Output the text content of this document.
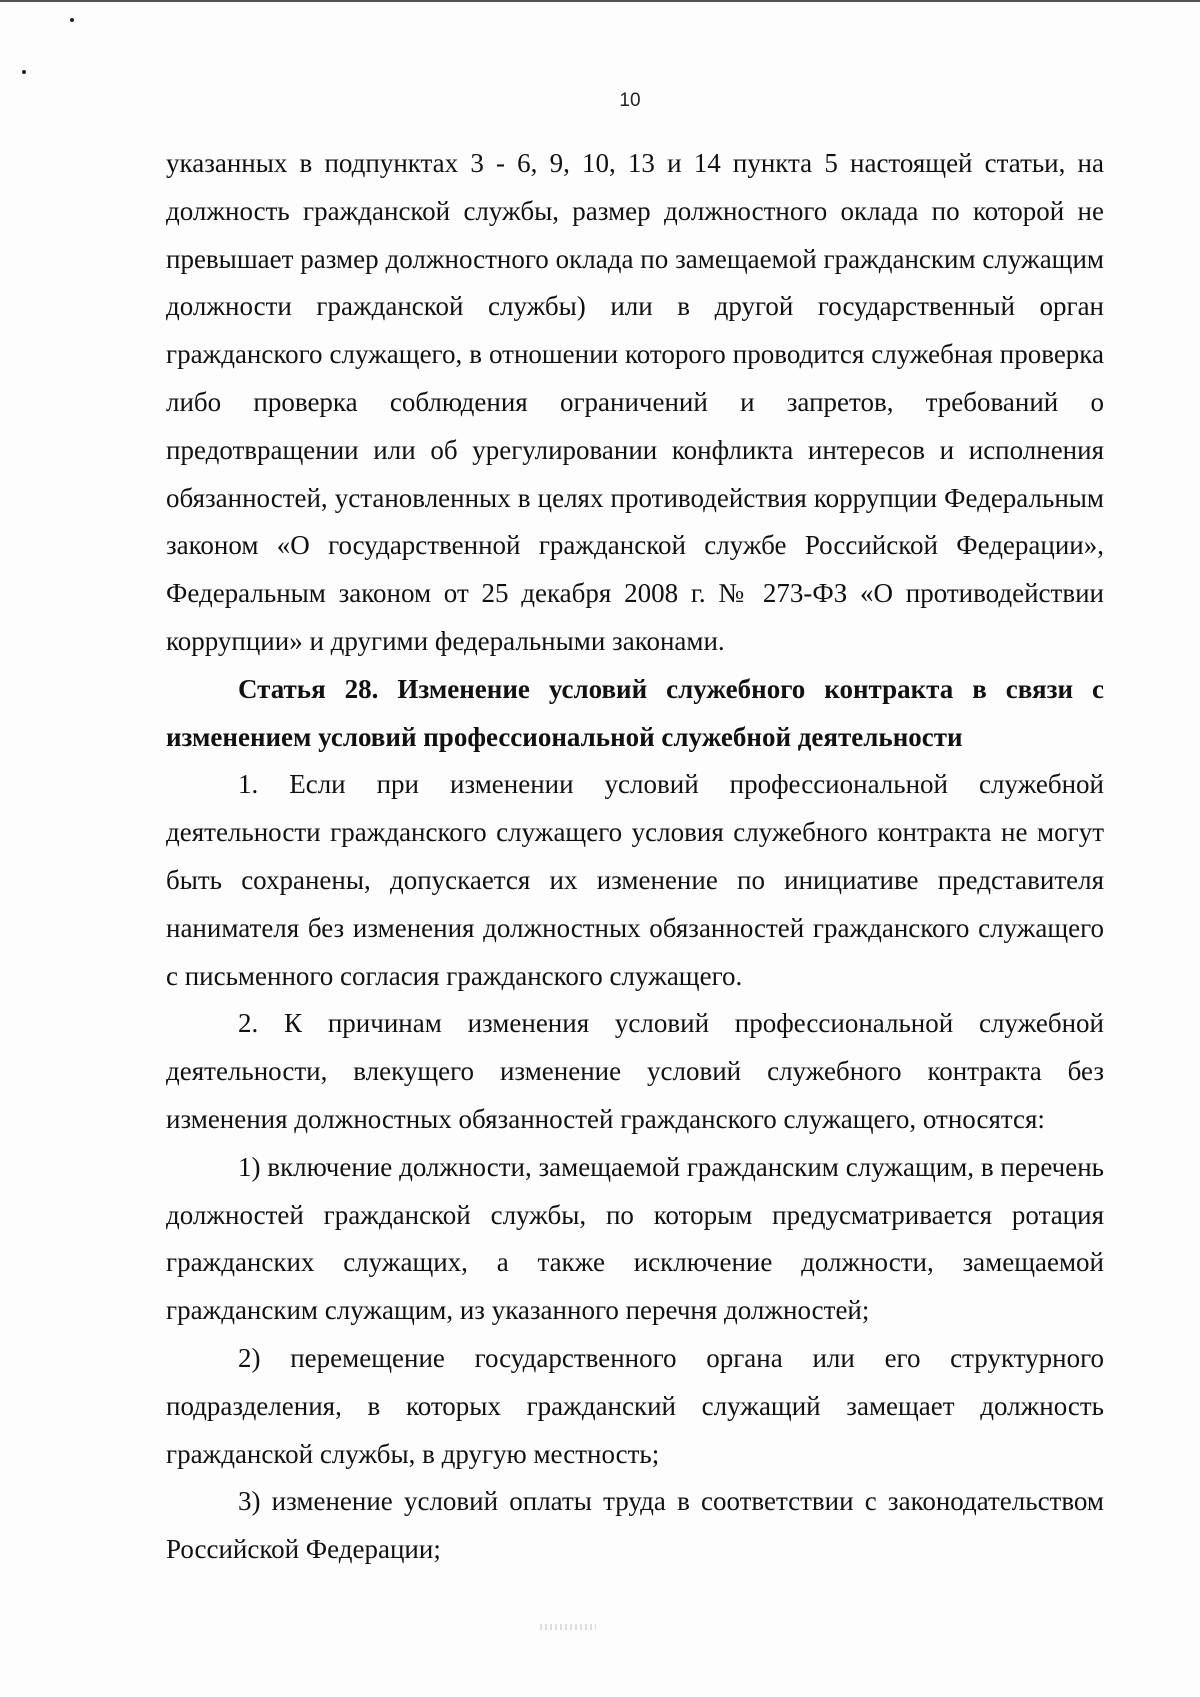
10

указанных в подпунктах 3 - 6, 9, 10, 13 и 14 пункта 5 настоящей статьи, на должность гражданской службы, размер должностного оклада по которой не превышает размер должностного оклада по замещаемой гражданским служащим должности гражданской службы) или в другой государственный орган гражданского служащего, в отношении которого проводится служебная проверка либо проверка соблюдения ограничений и запретов, требований о предотвращении или об урегулировании конфликта интересов и исполнения обязанностей, установленных в целях противодействия коррупции Федеральным законом «О государственной гражданской службе Российской Федерации», Федеральным законом от 25 декабря 2008 г. № 273-ФЗ «О противодействии коррупции» и другими федеральными законами.

Статья 28. Изменение условий служебного контракта в связи с
изменением условий профессиональной служебной деятельности

1. Если при изменении условий профессиональной служебной деятельности гражданского служащего условия служебного контракта не могут быть сохранены, допускается их изменение по инициативе представителя нанимателя без изменения должностных обязанностей гражданского служащего с письменного согласия гражданского служащего.

2. К причинам изменения условий профессиональной служебной деятельности, влекущего изменение условий служебного контракта без изменения должностных обязанностей гражданского служащего, относятся:

1) включение должности, замещаемой гражданским служащим, в перечень должностей гражданской службы, по которым предусматривается ротация гражданских служащих, а также исключение должности, замещаемой гражданским служащим, из указанного перечня должностей;

2) перемещение государственного органа или его структурного подразделения, в которых гражданский служащий замещает должность гражданской службы, в другую местность;

3) изменение условий оплаты труда в соответствии с законодательством Российской Федерации;
